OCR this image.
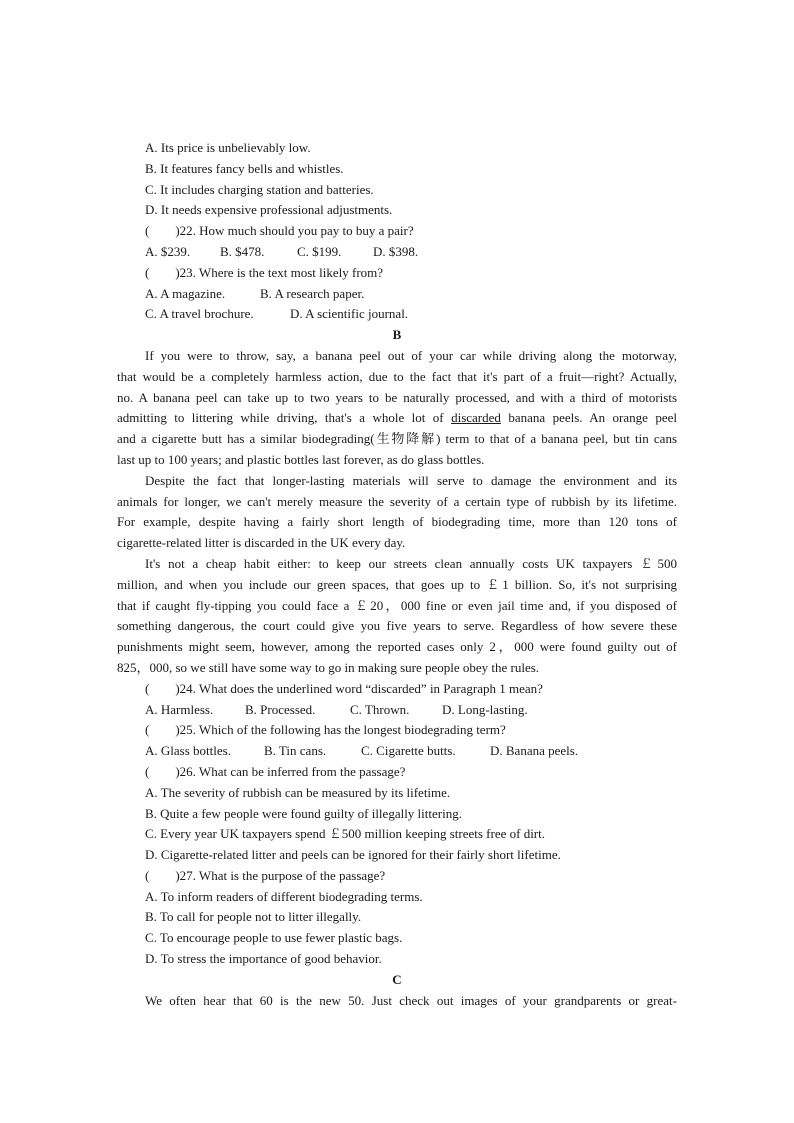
A. Its price is unbelievably low.
B. It features fancy bells and whistles.
C. It includes charging station and batteries.
D. It needs expensive professional adjustments.
(　　)22. How much should you pay to buy a pair?
A. $239. B. $478.	C. $199. D. $398.
(　　)23. Where is the text most likely from?
A. A magazine.	B. A research paper.
C. A travel brochure.	D. A scientific journal.
B
If you were to throw, say, a banana peel out of your car while driving along the motorway,
that would be a completely harmless action, due to the fact that it's part of a fruit—right? Actually,
no. A banana peel can take up to two years to be naturally processed, and with a third of motorists
admitting to littering while driving, that's a whole lot of discarded banana peels. An orange peel
and a cigarette butt has a similar biodegrading(生物降解) term to that of a banana peel, but tin cans
last up to 100 years; and plastic bottles last forever, as do glass bottles.
Despite the fact that longer-lasting materials will serve to damage the environment and its
animals for longer, we can't merely measure the severity of a certain type of rubbish by its lifetime.
For example, despite having a fairly short length of biodegrading time, more than 120 tons of
cigarette-related litter is discarded in the UK every day.
It's not a cheap habit either: to keep our streets clean annually costs UK taxpayers ￡500
million, and when you include our green spaces, that goes up to ￡1 billion. So, it's not surprising
that if caught fly-tipping you could face a ￡20，000 fine or even jail time and, if you disposed of
something dangerous, the court could give you five years to serve. Regardless of how severe these
punishments might seem, however, among the reported cases only 2，000 were found guilty out of
825，000, so we still have some way to go in making sure people obey the rules.
(　　)24. What does the underlined word “discarded” in Paragraph 1 mean?
A. Harmless. B. Processed.	C. Thrown.	D. Long-lasting.
(　　)25. Which of the following has the longest biodegrading term?
A. Glass bottles.	B. Tin cans.	C. Cigarette butts.	D. Banana peels.
(　　)26. What can be inferred from the passage?
A. The severity of rubbish can be measured by its lifetime.
B. Quite a few people were found guilty of illegally littering.
C. Every year UK taxpayers spend ￡500 million keeping streets free of dirt.
D. Cigarette-related litter and peels can be ignored for their fairly short lifetime.
(　　)27. What is the purpose of the passage?
A. To inform readers of different biodegrading terms.
B. To call for people not to litter illegally.
C. To encourage people to use fewer plastic bags.
D. To stress the importance of good behavior.
C
We often hear that 60 is the new 50. Just check out images of your grandparents or great-
